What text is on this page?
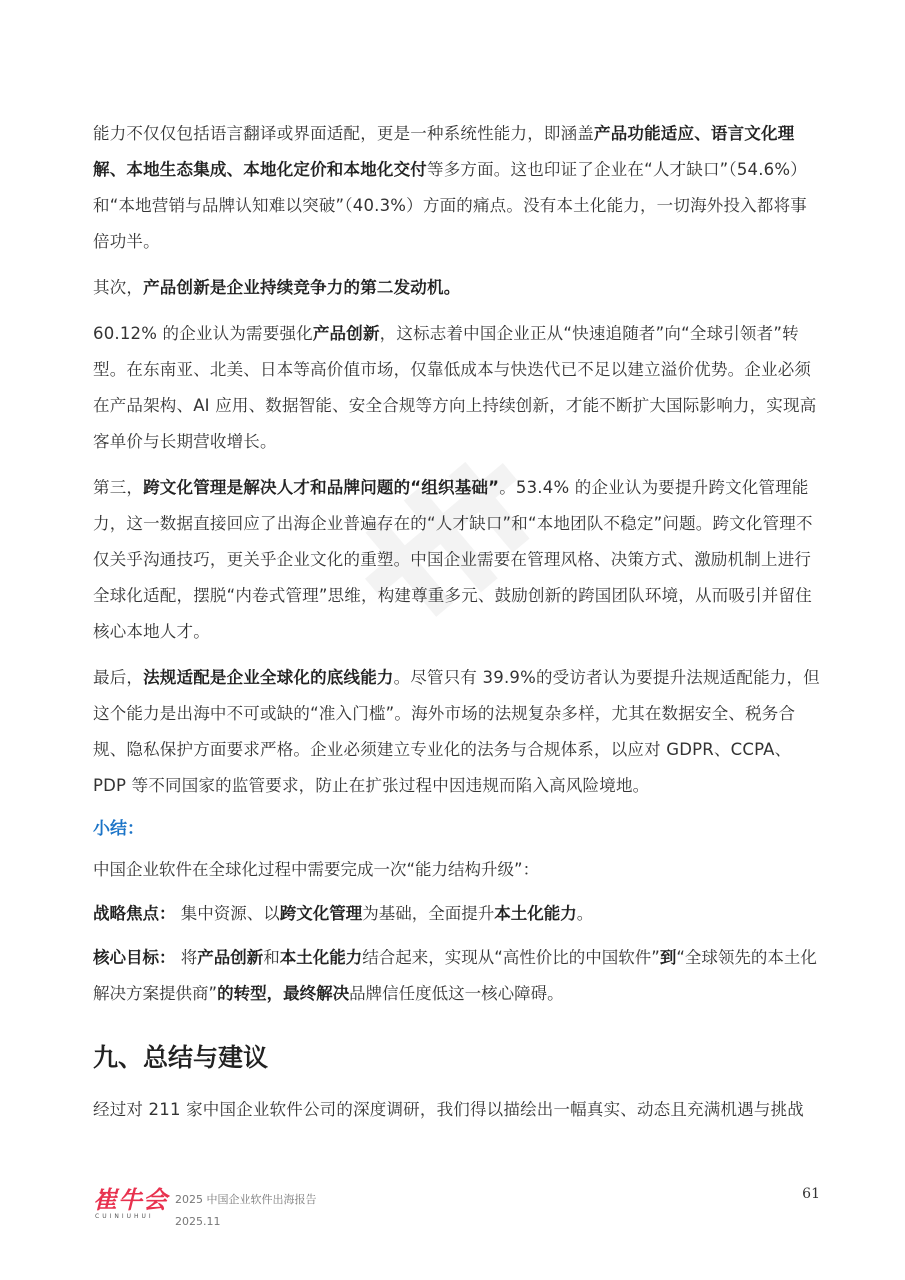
能力不仅仅包括语言翻译或界面适配，更是一种系统性能力，即涵盖产品功能适应、语言文化理解、本地生态集成、本地化定价和本地化交付等多方面。这也印证了企业在“人才缺口”（54.6%）和“本地营销与品牌认知难以突破”（40.3%）方面的痛点。没有本土化能力，一切海外投入都将事倍功半。

其次，产品创新是企业持续竞争力的第二发动机。

60.12% 的企业认为需要强化产品创新，这标志着中国企业正从“快速追随者”向“全球引领者”转型。在东南亚、北美、日本等高价值市场，仅靠低成本与快迭代已不足以建立溢价优势。企业必须在产品架构、AI 应用、数据智能、安全合规等方向上持续创新，才能不断扩大国际影响力，实现高客单价与长期营收增长。

第三，跨文化管理是解决人才和品牌问题的“组织基础”。53.4% 的企业认为要提升跨文化管理能力，这一数据直接回应了出海企业普遍存在的“人才缺口”和“本地团队不稳定”问题。跨文化管理不仅关乎沟通技巧，更关乎企业文化的重塑。中国企业需要在管理风格、决策方式、激励机制上进行全球化适配，摆脱“内卷式管理”思维，构建尊重多元、鼓励创新的跨国团队环境，从而吸引并留住核心本地人才。

最后，法规适配是企业全球化的底线能力。尽管只有 39.9%的受访者认为要提升法规适配能力，但这个能力是出海中不可或缺的“准入门槛”。海外市场的法规复杂多样，尤其在数据安全、税务合规、隐私保护方面要求严格。企业必须建立专业化的法务与合规体系，以应对 GDPR、CCPA、PDP 等不同国家的监管要求，防止在扩张过程中因违规而陷入高风险境地。

小结：

中国企业软件在全球化过程中需要完成一次“能力结构升级”：

战略焦点： 集中资源、以跨文化管理为基础，全面提升本土化能力。

核心目标： 将产品创新和本土化能力结合起来，实现从“高性价比的中国软件”到“全球领先的本土化解决方案提供商”的转型，最终解决品牌信任度低这一核心障碍。

九、总结与建议

经过对 211 家中国企业软件公司的深度调研，我们得以描绘出一幅真实、动态且充满机遇与挑战

崔牛会
CUINIUHUI
2025 中国企业软件出海报告
2025.11
61
